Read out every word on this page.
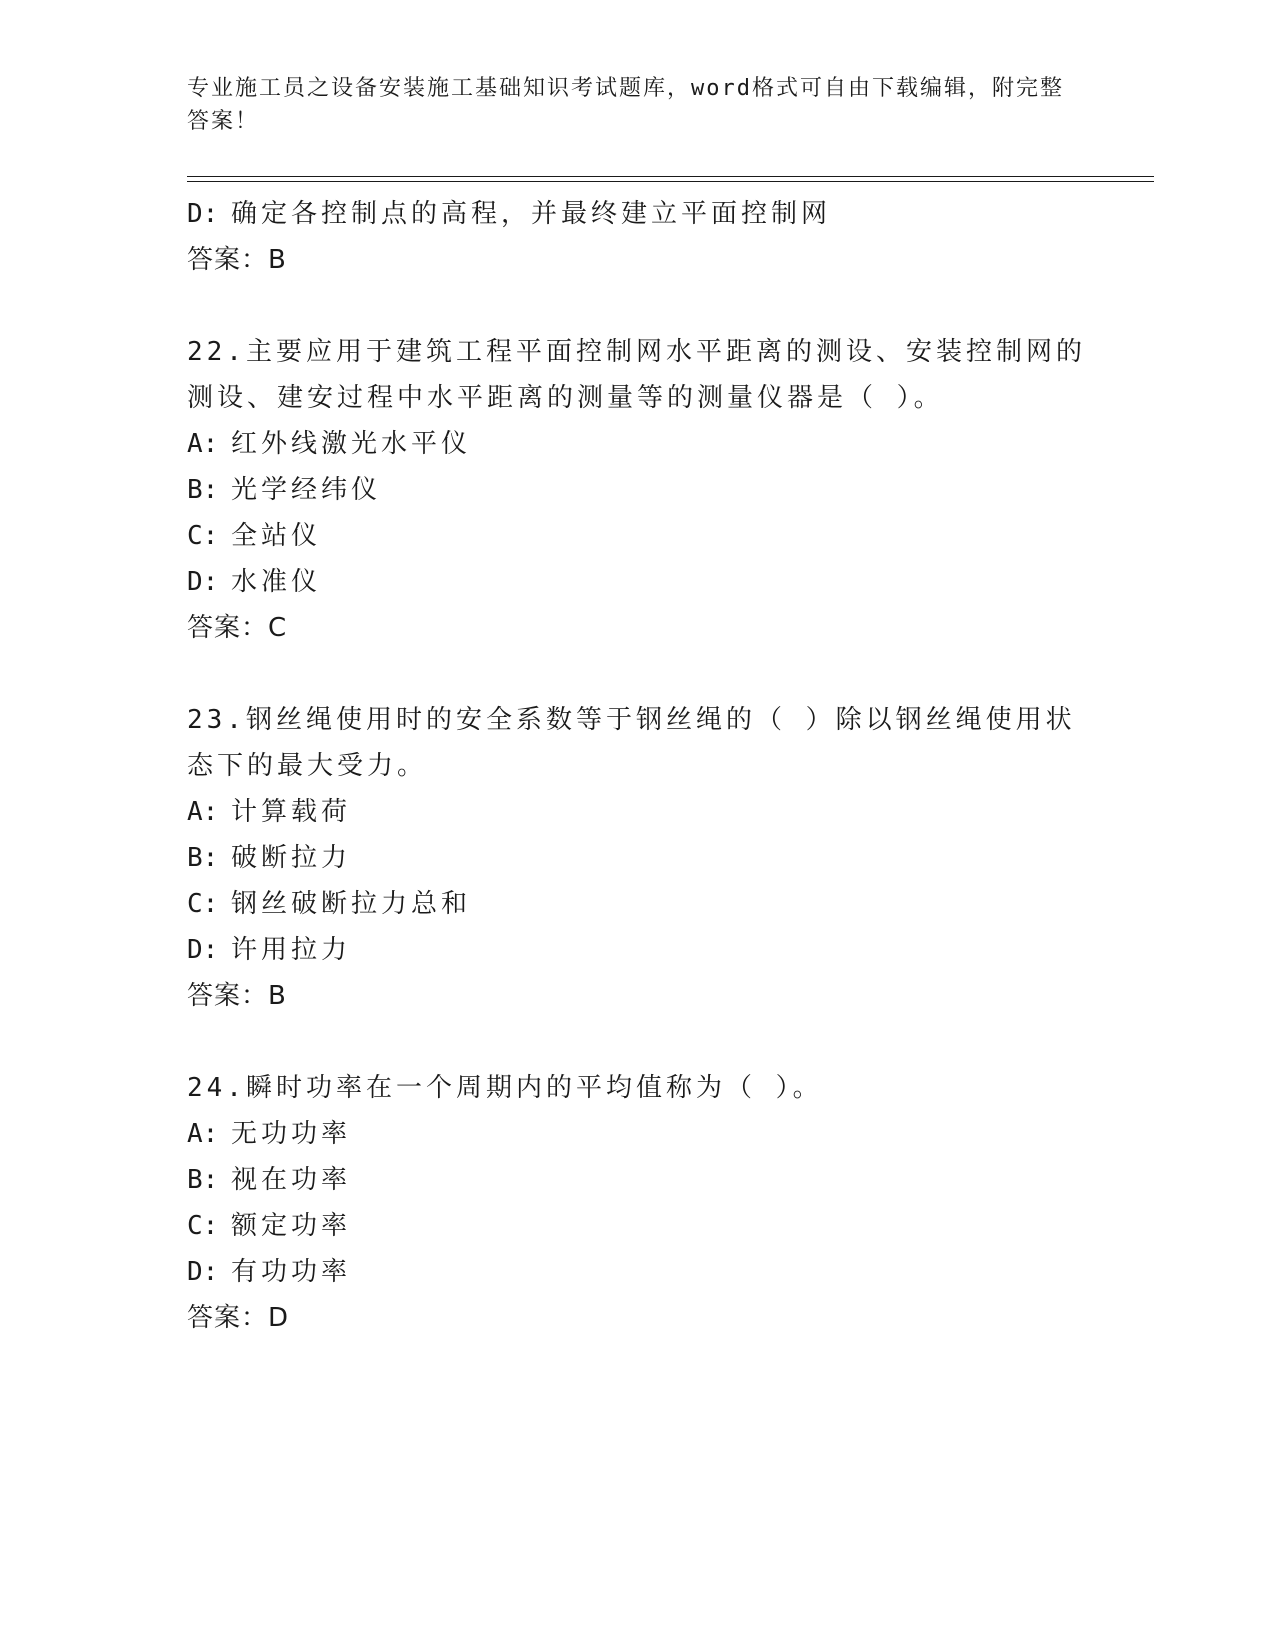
专业施工员之设备安装施工基础知识考试题库，word格式可自由下载编辑，附完整答案！
D: 确定各控制点的高程，并最终建立平面控制网
答案：B
22.主要应用于建筑工程平面控制网水平距离的测设、安装控制网的测设、建安过程中水平距离的测量等的测量仪器是（ ）。
A: 红外线激光水平仪
B: 光学经纬仪
C: 全站仪
D: 水准仪
答案：C
23.钢丝绳使用时的安全系数等于钢丝绳的（ ）除以钢丝绳使用状态下的最大受力。
A: 计算载荷
B: 破断拉力
C: 钢丝破断拉力总和
D: 许用拉力
答案：B
24.瞬时功率在一个周期内的平均值称为（ ）。
A: 无功功率
B: 视在功率
C: 额定功率
D: 有功功率
答案：D
